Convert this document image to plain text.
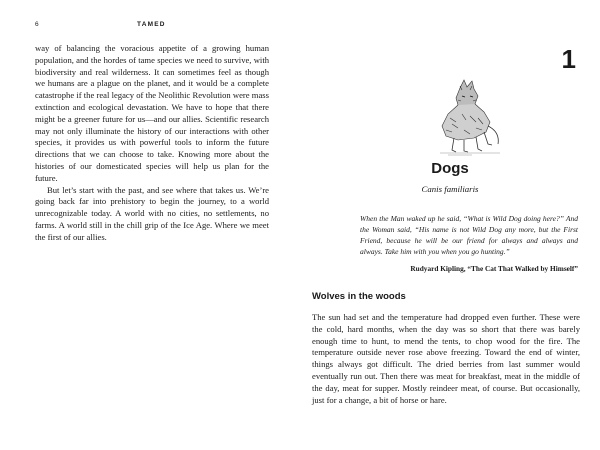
6	TAMED

way of balancing the voracious appetite of a growing human population, and the hordes of tame species we need to survive, with biodiversity and real wilderness. It can sometimes feel as though we humans are a plague on the planet, and it would be a complete catastrophe if the real legacy of the Neolithic Revolution were mass extinction and ecological devastation. We have to hope that there might be a greener future for us—and our allies. Scientific research may not only illuminate the history of our interactions with other species, it provides us with powerful tools to inform the future directions that we can choose to take. Knowing more about the histories of our domesticated species will help us plan for the future.

But let’s start with the past, and see where that takes us. We’re going back far into prehistory to begin the journey, to a world unrecognizable today. A world with no cities, no settlements, no farms. A world still in the chill grip of the Ice Age. Where we meet the first of our allies.

1
Dogs
Canis familiaris

When the Man waked up he said, “What is Wild Dog doing here?” And the Woman said, “His name is not Wild Dog any more, but the First Friend, because he will be our friend for always and always and always. Take him with you when you go hunting.”

Rudyard Kipling, “The Cat That Walked by Himself”
Wolves in the woods

The sun had set and the temperature had dropped even further. These were the cold, hard months, when the day was so short that there was barely enough time to hunt, to mend the tents, to chop wood for the fire. The temperature outside never rose above freezing. Toward the end of winter, things always got difficult. The dried berries from last summer would eventually run out. Then there was meat for breakfast, meat in the middle of the day, meat for supper. Mostly reindeer meat, of course. But occasionally, just for a change, a bit of horse or hare.
